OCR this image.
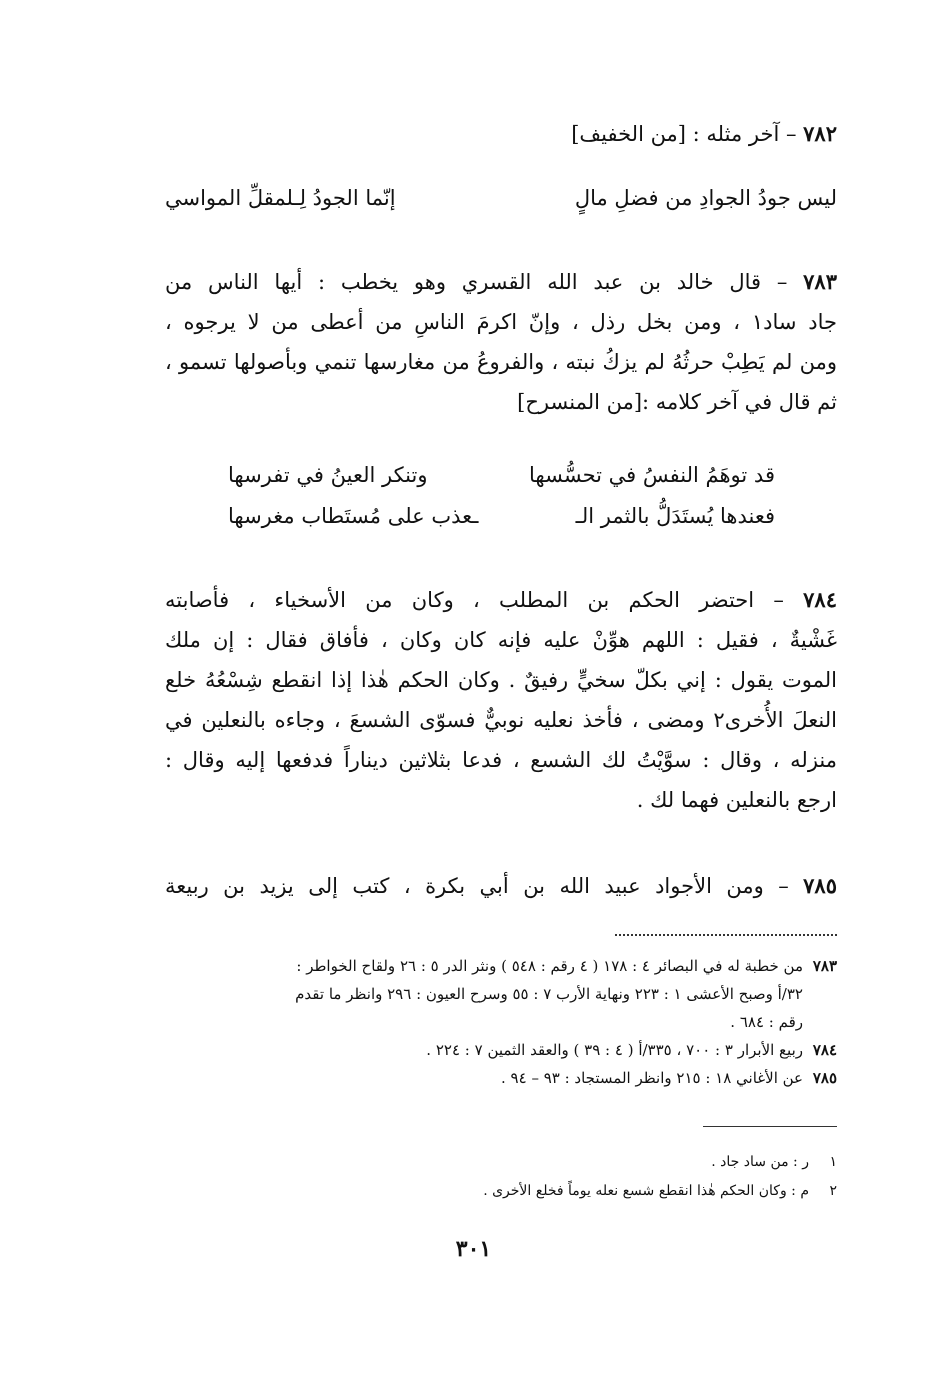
٧٨٢ – آخر مثله : [من الخفيف]
ليس جودُ الجوادِ من فضلِ مالٍ
إنّما الجودُ لِـلمقلِّ المواسي
٧٨٣ – قال خالد بن عبد الله القسري وهو يخطب : أيها الناس من
جاد ساد١ ، ومن بخل رذل ، وإنّ اكرمَ الناسِ من أعطى من لا يرجوه ،
ومن لم يَطِبْ حرثُهُ لم يزكُ نبته ، والفروعُ من مغارسها تنمي وبأصولها تسمو ،
ثم قال في آخر كلامه :[من المنسرح]
قد توهَمُ النفسُ في تحسُّسها
وتنكر العينُ في تفرسها
فعندها يُستَدَلُّ بالثمر الـ
ـعذب على مُستَطاب مغرسها
٧٨٤ – احتضر الحكم بن المطلب ، وكان من الأسخياء ، فأصابته
غَشْيةٌ ، فقيل : اللهم هوِّنْ عليه فإنه كان وكان ، فأفاق فقال : إن ملك
الموت يقول : إني بكلّ سخيٍّ رفيقٌ . وكان الحكم هٰذا إذا انقطع شِسْعُهُ خلع
النعلَ الأُخرى٢ ومضى ، فأخذ نعليه نوبيٌّ فسوّى الشسعَ ، وجاءه بالنعلين في
منزله ، وقال : سوَّيْتُ لك الشسع ، فدعا بثلاثين ديناراً فدفعها إليه وقال :
ارجع بالنعلين فهما لك .
٧٨٥ – ومن الأجواد عبيد الله بن أبي بكرة ، كتب إلى يزيد بن ربيعة
٧٨٣من خطبة له في البصائر ٤ : ١٧٨ ( ٤ رقم : ٥٤٨ ) ونثر الدر ٥ : ٢٦ ولقاح الخواطر :
٣٢/أ وصبح الأعشى ١ : ٢٢٣ ونهاية الأرب ٧ : ٥٥ وسرح العيون : ٢٩٦ وانظر ما تقدم
رقم : ٦٨٤ .
٧٨٤ربيع الأبرار ٣ : ٧٠٠ ، ٣٣٥/أ ( ٤ : ٣٩ ) والعقد الثمين ٧ : ٢٢٤ .
٧٨٥عن الأغاني ١٨ : ٢١٥ وانظر المستجاد : ٩٣ – ٩٤ .
١ر : من ساد جاد .
٢م : وكان الحكم هٰذا انقطع شسع نعله يوماً فخلع الأخرى .
٣٠١
